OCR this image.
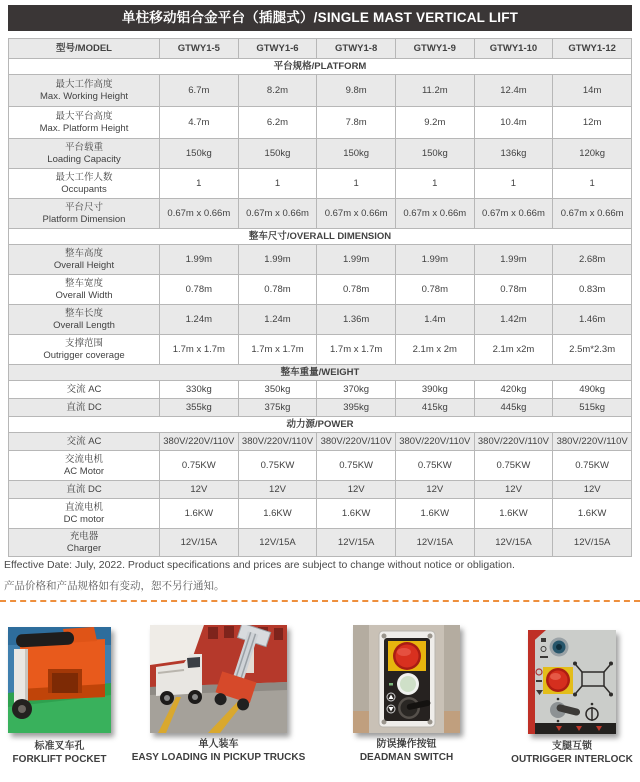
单柱移动铝合金平台（插腿式）/SINGLE MAST VERTICAL LIFT
型号/MODEL	GTWY1-5	GTWY1-6	GTWY1-8	GTWY1-9	GTWY1-10	GTWY1-12
平台规格/PLATFORM						

最大工作高度
Max. Working Height	6.7m	8.2m	9.8m	11.2m	12.4m	14m

最大平台高度
Max. Platform Height	4.7m	6.2m	7.8m	9.2m	10.4m	12m

平台载重
Loading Capacity	150kg	150kg	150kg	150kg	136kg	120kg

最大工作人数
Occupants	1	1	1	1	1	1

平台尺寸
Platform Dimension	0.67m x 0.66m	0.67m x 0.66m	0.67m x 0.66m	0.67m x 0.66m	0.67m x 0.66m	0.67m x 0.66m
整车尺寸/OVERALL DIMENSION						

整车高度
Overall Height	1.99m	1.99m	1.99m	1.99m	1.99m	2.68m

整车宽度
Overall Width	0.78m	0.78m	0.78m	0.78m	0.78m	0.83m

整车长度
Overall Length	1.24m	1.24m	1.36m	1.4m	1.42m	1.46m

支撑范围
Outrigger coverage	1.7m x 1.7m	1.7m x 1.7m	1.7m x 1.7m	2.1m x 2m	2.1m x2m	2.5m*2.3m
整车重量/WEIGHT						

交流 AC	330kg	350kg	370kg	390kg	420kg	490kg

直流 DC	355kg	375kg	395kg	415kg	445kg	515kg
动力源/POWER						

交流 AC	380V/220V/110V	380V/220V/110V	380V/220V/110V	380V/220V/110V	380V/220V/110V	380V/220V/110V

交流电机
AC Motor	0.75KW	0.75KW	0.75KW	0.75KW	0.75KW	0.75KW

直流 DC	12V	12V	12V	12V	12V	12V

直流电机
DC motor	1.6KW	1.6KW	1.6KW	1.6KW	1.6KW	1.6KW

充电器
Charger	12V/15A	12V/15A	12V/15A	12V/15A	12V/15A	12V/15A
Effective Date: July, 2022. Product specifications and prices are subject to change without notice or obligation.
产品价格和产品规格如有变动，恕不另行通知。
标准叉车孔
FORKLIFT POCKET
单人装车
EASY LOADING IN PICKUP TRUCKS
防误操作按钮
DEADMAN SWITCH
支腿互锁
OUTRIGGER INTERLOCK
